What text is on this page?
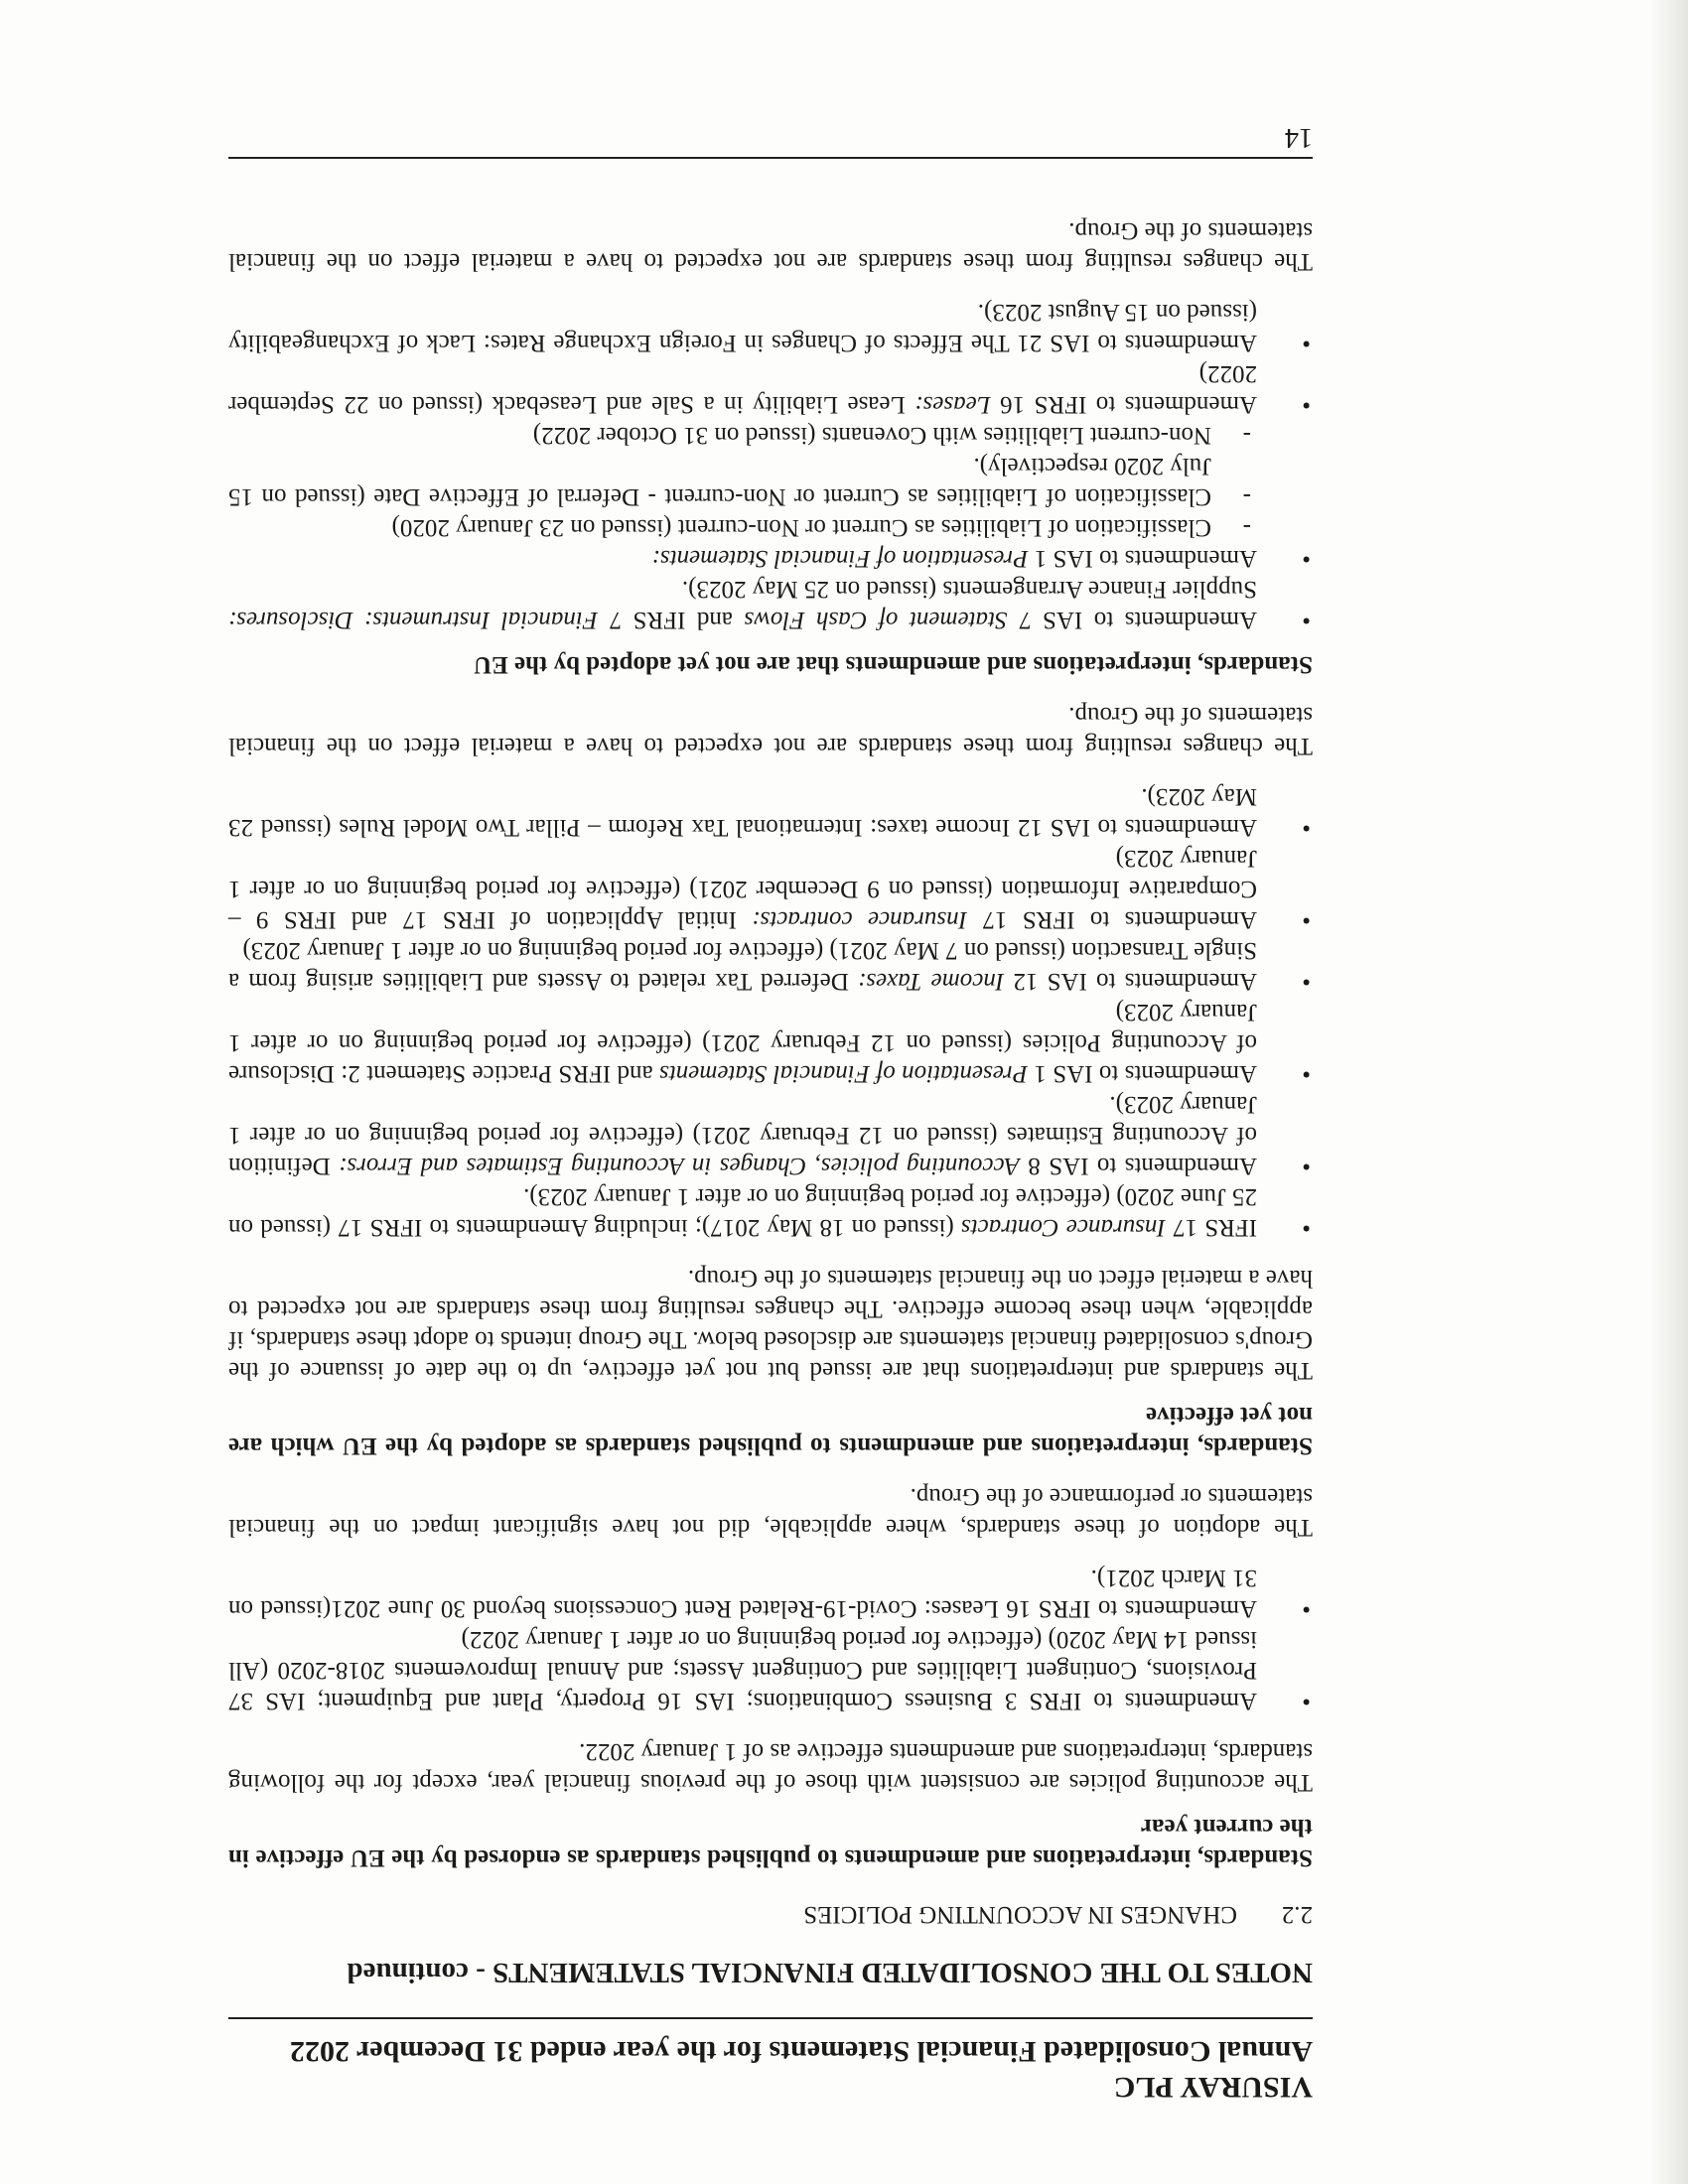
VISURAY PLC
Annual Consolidated Financial Statements for the year ended 31 December 2022
NOTES TO THE CONSOLIDATED FINANCIAL STATEMENTS - continued
2.2
CHANGES IN ACCOUNTING POLICIES
Standards, interpretations and amendments to published standards as endorsed by the EU effective in the current year

The accounting policies are consistent with those of the previous financial year, except for the following standards, interpretations and amendments effective as of 1 January 2022.

•
Amendments to IFRS 3 Business Combinations; IAS 16 Property, Plant and Equipment; IAS 37 Provisions, Contingent Liabilities and Contingent Assets; and Annual Improvements 2018-2020 (All issued 14 May 2020) (effective for period beginning on or after 1 January 2022)
•
Amendments to IFRS 16 Leases: Covid-19-Related Rent Concessions beyond 30 June 2021(issued on 31 March 2021).

The adoption of these standards, where applicable, did not have significant impact on the financial statements or performance of the Group.

Standards, interpretations and amendments to published standards as adopted by the EU which are not yet effective

The standards and interpretations that are issued but not yet effective, up to the date of issuance of the Group's consolidated financial statements are disclosed below. The Group intends to adopt these standards, if applicable, when these become effective. The changes resulting from these standards are not expected to have a material effect on the financial statements of the Group.

•
IFRS 17 Insurance Contracts (issued on 18 May 2017); including Amendments to IFRS 17 (issued on 25 June 2020) (effective for period beginning on or after 1 January 2023).
•
Amendments to IAS 8 Accounting policies, Changes in Accounting Estimates and Errors: Definition of Accounting Estimates (issued on 12 February 2021) (effective for period beginning on or after 1 January 2023).
•
Amendments to IAS 1 Presentation of Financial Statements and IFRS Practice Statement 2: Disclosure of Accounting Policies (issued on 12 February 2021) (effective for period beginning on or after 1 January 2023)
•
Amendments to IAS 12 Income Taxes: Deferred Tax related to Assets and Liabilities arising from a Single Transaction (issued on 7 May 2021) (effective for period beginning on or after 1 January 2023)
•
Amendments to IFRS 17 Insurance contracts: Initial Application of IFRS 17 and IFRS 9 – Comparative Information (issued on 9 December 2021) (effective for period beginning on or after 1 January 2023)
•
Amendments to IAS 12 Income taxes: International Tax Reform – Pillar Two Model Rules (issued 23 May 2023).

The changes resulting from these standards are not expected to have a material effect on the financial statements of the Group.

Standards, interpretations and amendments that are not yet adopted by the EU
•
Amendments to IAS 7 Statement of Cash Flows and IFRS 7 Financial Instruments: Disclosures: Supplier Finance Arrangements (issued on 25 May 2023).
•
Amendments to IAS 1 Presentation of Financial Statements:
-
Classification of Liabilities as Current or Non-current (issued on 23 January 2020)
-
Classification of Liabilities as Current or Non-current - Deferral of Effective Date (issued on 15 July 2020 respectively).
-
Non-current Liabilities with Covenants (issued on 31 October 2022)
•
Amendments to IFRS 16 Leases: Lease Liability in a Sale and Leaseback (issued on 22 September 2022)
•
Amendments to IAS 21 The Effects of Changes in Foreign Exchange Rates: Lack of Exchangeability (issued on 15 August 2023).

The changes resulting from these standards are not expected to have a material effect on the financial statements of the Group.

14
